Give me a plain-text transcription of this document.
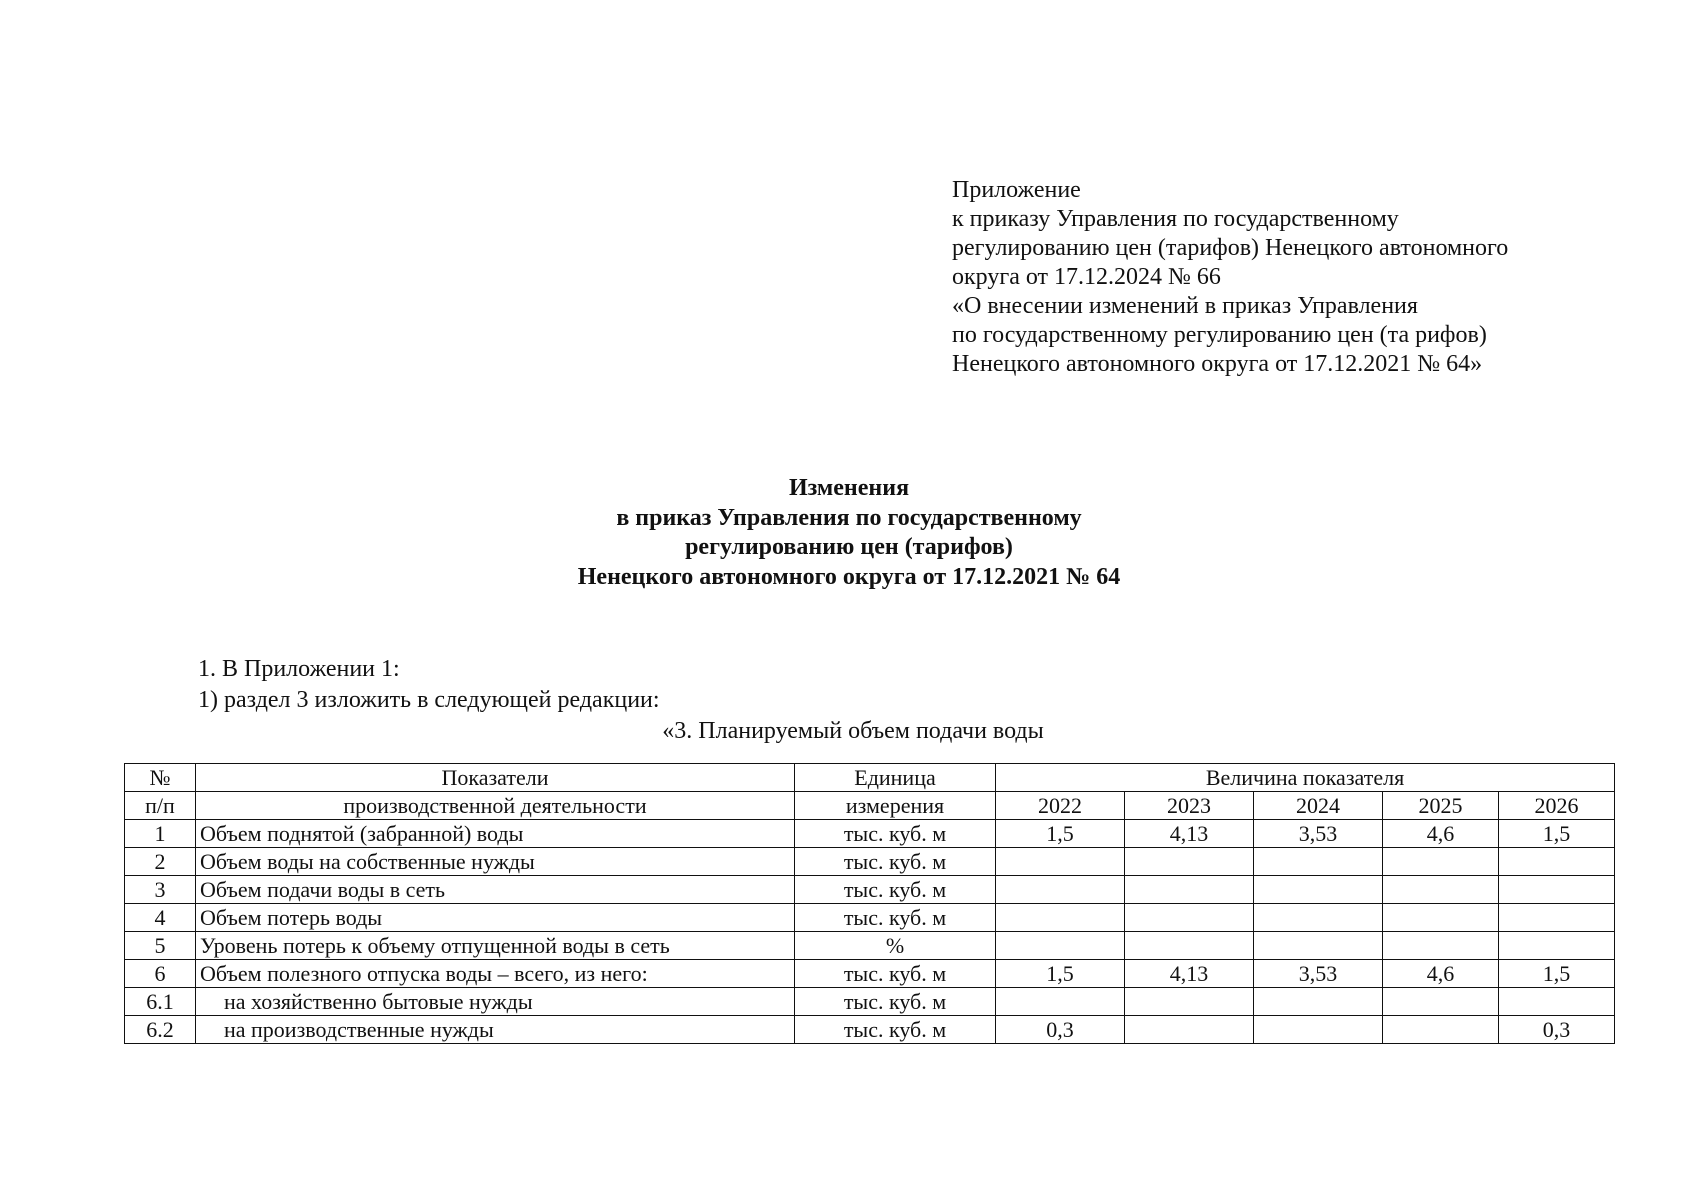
Приложение
к приказу Управления по государственному
регулированию цен (тарифов) Ненецкого автономного
округа от 17.12.2024 № 66
«О внесении изменений в приказ Управления
по государственному регулированию цен (та рифов)
Ненецкого автономного округа от 17.12.2021 № 64»
Изменения
в приказ Управления по государственному
регулированию цен (тарифов)
Ненецкого автономного округа от 17.12.2021 № 64
1. В Приложении 1:
1) раздел 3 изложить в следующей редакции:
«3. Планируемый объем подачи воды
№	Показатели	Единица	Величина показателя				
п/п	производственной деятельности	измерения	2022	2023	2024	2025	2026
1	Объем поднятой (забранной) воды	тыс. куб. м	1,5	4,13	3,53	4,6	1,5
2	Объем воды на собственные нужды	тыс. куб. м					
3	Объем подачи воды в сеть	тыс. куб. м					
4	Объем потерь воды	тыс. куб. м					
5	Уровень потерь к объему отпущенной воды в сеть	%					
6	Объем полезного отпуска воды – всего, из него:	тыс. куб. м	1,5	4,13	3,53	4,6	1,5
6.1	на хозяйственно бытовые нужды	тыс. куб. м					
6.2	на производственные нужды	тыс. куб. м	0,3				0,3
